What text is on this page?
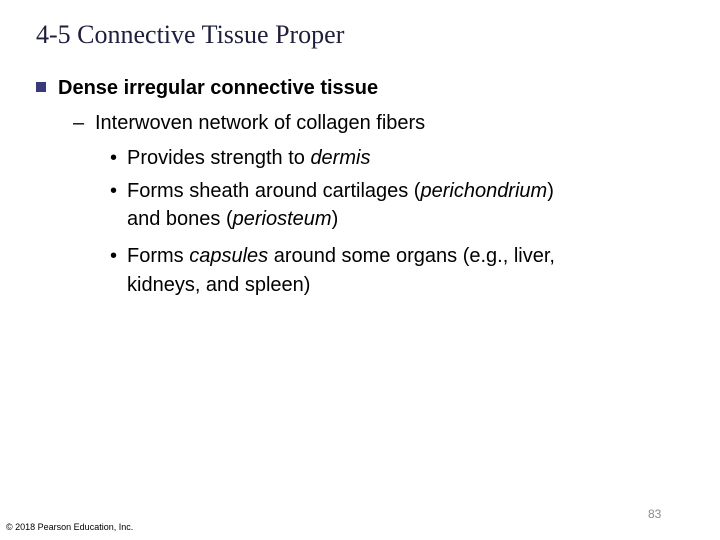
4-5 Connective Tissue Proper
Dense irregular connective tissue
– Interwoven network of collagen fibers
• Provides strength to dermis
• Forms sheath around cartilages (perichondrium)
and bones (periosteum)
• Forms capsules around some organs (e.g., liver,
kidneys, and spleen)
83
© 2018 Pearson Education, Inc.
